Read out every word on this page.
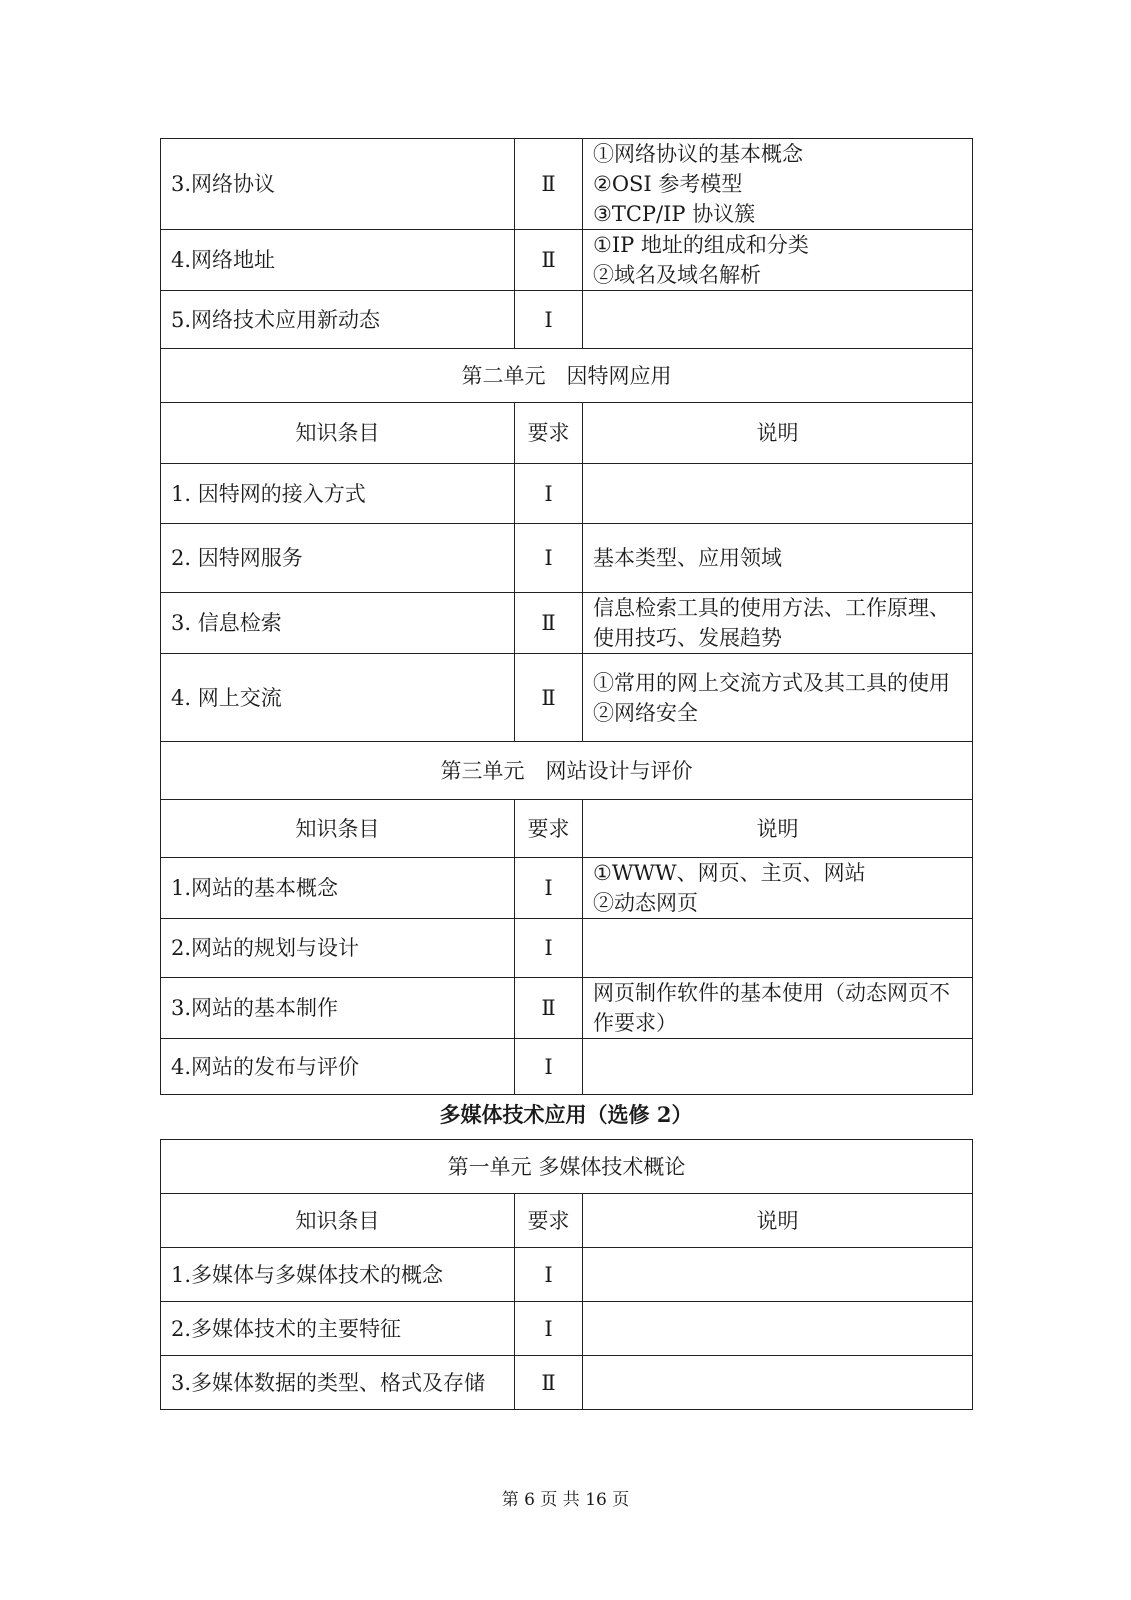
3.网络协议	Ⅱ	①网络协议的基本概念
②OSI 参考模型
③TCP/IP 协议簇

4.网络地址	Ⅱ	①IP 地址的组成和分类
②域名及域名解析

5.网络技术应用新动态	Ⅰ	
第二单元　因特网应用		
知识条目	要求	说明

1. 因特网的接入方式	Ⅰ	
2. 因特网服务	Ⅰ	基本类型、应用领域

3. 信息检索	Ⅱ	信息检索工具的使用方法、工作原理、使用技巧、发展趋势

4. 网上交流	Ⅱ	①常用的网上交流方式及其工具的使用
②网络安全

第三单元　网站设计与评价		
知识条目	要求	说明

1.网站的基本概念	Ⅰ	①WWW、网页、主页、网站
②动态网页

2.网站的规划与设计	Ⅰ	
3.网站的基本制作	Ⅱ	网页制作软件的基本使用（动态网页不作要求）

4.网站的发布与评价	Ⅰ	
多媒体技术应用（选修 2）
第一单元 多媒体技术概论		
知识条目	要求	说明

1.多媒体与多媒体技术的概念	Ⅰ	
2.多媒体技术的主要特征	Ⅰ	
3.多媒体数据的类型、格式及存储	Ⅱ	
第 6 页 共 16 页
